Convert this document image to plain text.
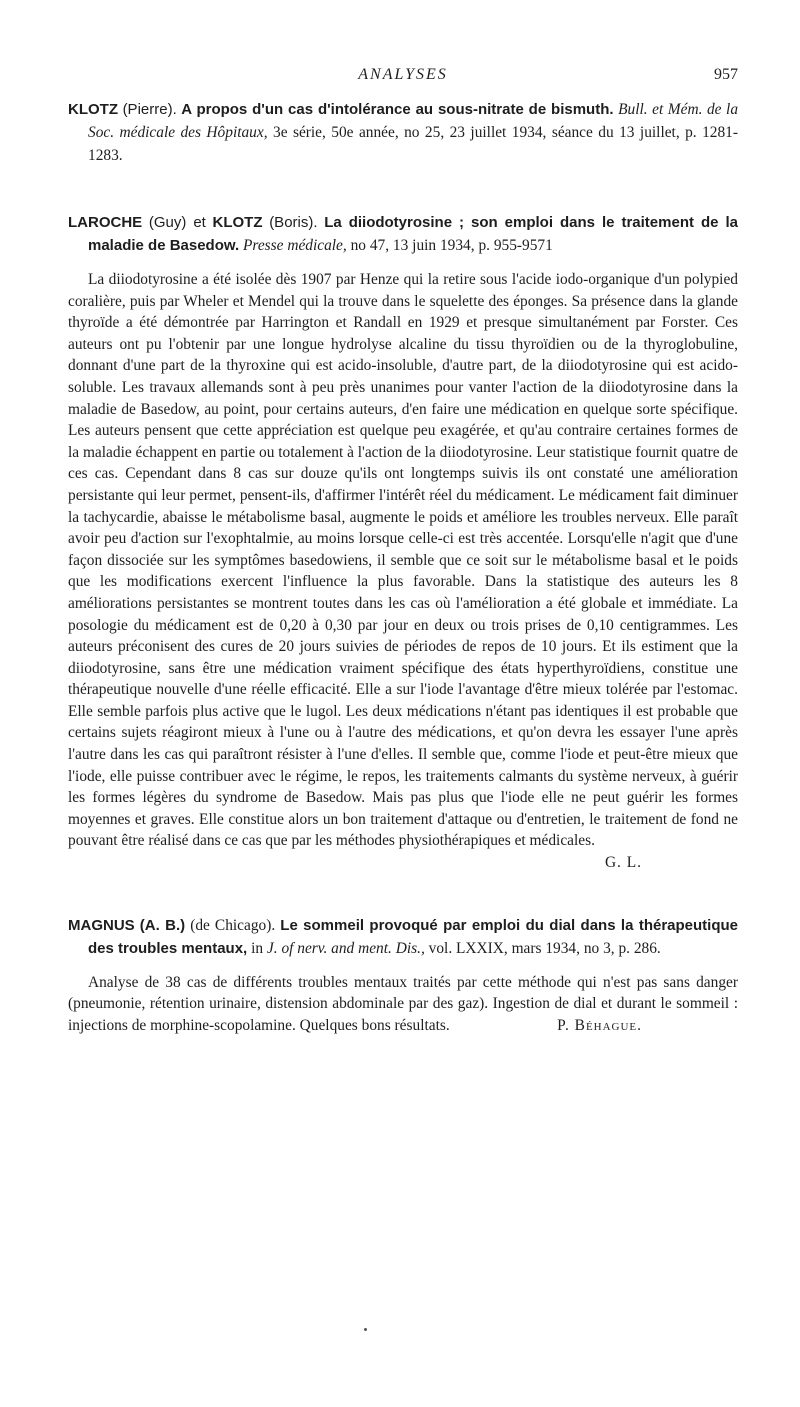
ANALYSES	957

KLOTZ (Pierre). A propos d'un cas d'intolérance au sous-nitrate de bismuth. Bull. et Mém. de la Soc. médicale des Hôpitaux, 3e série, 50e année, no 25, 23 juillet 1934, séance du 13 juillet, p. 1281-1283.

LAROCHE (Guy) et KLOTZ (Boris). La diiodotyrosine ; son emploi dans le traitement de la maladie de Basedow. Presse médicale, no 47, 13 juin 1934, p. 955-9571

La diiodotyrosine a été isolée dès 1907 par Henze qui la retire sous l'acide iodo-organique d'un polypied coralière, puis par Wheler et Mendel qui la trouve dans le squelette des éponges. Sa présence dans la glande thyroïde a été démontrée par Harrington et Randall en 1929 et presque simultanément par Forster. Ces auteurs ont pu l'obtenir par une longue hydrolyse alcaline du tissu thyroïdien ou de la thyroglobuline, donnant d'une part de la thyroxine qui est acido-insoluble, d'autre part, de la diiodotyrosine qui est acido-soluble. Les travaux allemands sont à peu près unanimes pour vanter l'action de la diiodotyrosine dans la maladie de Basedow, au point, pour certains auteurs, d'en faire une médication en quelque sorte spécifique. Les auteurs pensent que cette appréciation est quelque peu exagérée, et qu'au contraire certaines formes de la maladie échappent en partie ou totalement à l'action de la diiodotyrosine. Leur statistique fournit quatre de ces cas. Cependant dans 8 cas sur douze qu'ils ont longtemps suivis ils ont constaté une amélioration persistante qui leur permet, pensent-ils, d'affirmer l'intérêt réel du médicament. Le médicament fait diminuer la tachycardie, abaisse le métabolisme basal, augmente le poids et améliore les troubles nerveux. Elle paraît avoir peu d'action sur l'exophtalmie, au moins lorsque celle-ci est très accentée. Lorsqu'elle n'agit que d'une façon dissociée sur les symptômes basedowiens, il semble que ce soit sur le métabolisme basal et le poids que les modifications exercent l'influence la plus favorable. Dans la statistique des auteurs les 8 améliorations persistantes se montrent toutes dans les cas où l'amélioration a été globale et immédiate. La posologie du médicament est de 0,20 à 0,30 par jour en deux ou trois prises de 0,10 centigrammes. Les auteurs préconisent des cures de 20 jours suivies de périodes de repos de 10 jours. Et ils estiment que la diiodotyrosine, sans être une médication vraiment spécifique des états hyperthyroïdiens, constitue une thérapeutique nouvelle d'une réelle efficacité. Elle a sur l'iode l'avantage d'être mieux tolérée par l'estomac. Elle semble parfois plus active que le lugol. Les deux médications n'étant pas identiques il est probable que certains sujets réagiront mieux à l'une ou à l'autre des médications, et qu'on devra les essayer l'une après l'autre dans les cas qui paraîtront résister à l'une d'elles. Il semble que, comme l'iode et peut-être mieux que l'iode, elle puisse contribuer avec le régime, le repos, les traitements calmants du système nerveux, à guérir les formes légères du syndrome de Basedow. Mais pas plus que l'iode elle ne peut guérir les formes moyennes et graves. Elle constitue alors un bon traitement d'attaque ou d'entretien, le traitement de fond ne pouvant être réalisé dans ce cas que par les méthodes physiothérapiques et médicales.
G. L.

MAGNUS (A. B.) (de Chicago). Le sommeil provoqué par emploi du dial dans la thérapeutique des troubles mentaux, in J. of nerv. and ment. Dis., vol. LXXIX, mars 1934, no 3, p. 286.

Analyse de 38 cas de différents troubles mentaux traités par cette méthode qui n'est pas sans danger (pneumonie, rétention urinaire, distension abdominale par des gaz). Ingestion de dial et durant le sommeil : injections de morphine-scopolamine. Quelques bons résultats.	P. Béhague.
